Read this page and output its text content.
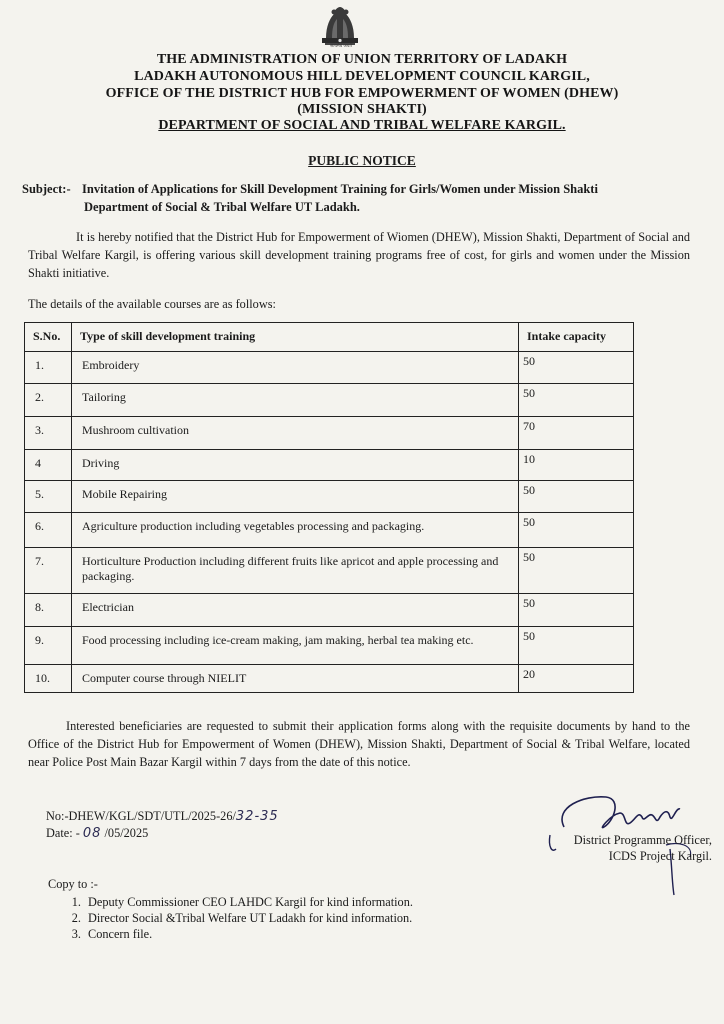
सत्यमेव जयते
THE ADMINISTRATION OF UNION TERRITORY OF LADAKH
LADAKH AUTONOMOUS HILL DEVELOPMENT COUNCIL KARGIL,
OFFICE OF THE DISTRICT HUB FOR EMPOWERMENT OF WOMEN (DHEW)
(MISSION SHAKTI)
DEPARTMENT OF SOCIAL AND TRIBAL WELFARE KARGIL.
PUBLIC NOTICE
Subject:- Invitation of Applications for Skill Development Training for Girls/Women under Mission Shakti
Department of Social & Tribal Welfare UT Ladakh.
It is hereby notified that the District Hub for Empowerment of Wiomen (DHEW), Mission Shakti, Department of Social and Tribal Welfare Kargil, is offering various skill development training programs free of cost, for girls and women under the Mission Shakti initiative.
The details of the available courses are as follows:
S.No.	Type of skill development training	Intake capacity
1.	Embroidery	50
2.	Tailoring	50
3.	Mushroom cultivation	70
4	Driving	10
5.	Mobile Repairing	50
6.	Agriculture production including vegetables processing and packaging.	50
7.	Horticulture Production including different fruits like apricot and apple processing and packaging.	50
8.	Electrician	50
9.	Food processing including ice-cream making, jam making, herbal tea making etc.	50
10.	Computer course through NIELIT	20
Interested beneficiaries are requested to submit their application forms along with the requisite documents by hand to the Office of the District Hub for Empowerment of Women (DHEW), Mission Shakti, Department of Social & Tribal Welfare, located near Police Post Main Bazar Kargil within 7 days from the date of this notice.
No:-DHEW/KGL/SDT/UTL/2025-26/32-35
Date: - 08 /05/2025	District Programme Officer,
ICDS Project Kargil.
Copy to :-
1. Deputy Commissioner CEO LAHDC Kargil for kind information.
2. Director Social &Tribal Welfare UT Ladakh for kind information.
3. Concern file.
